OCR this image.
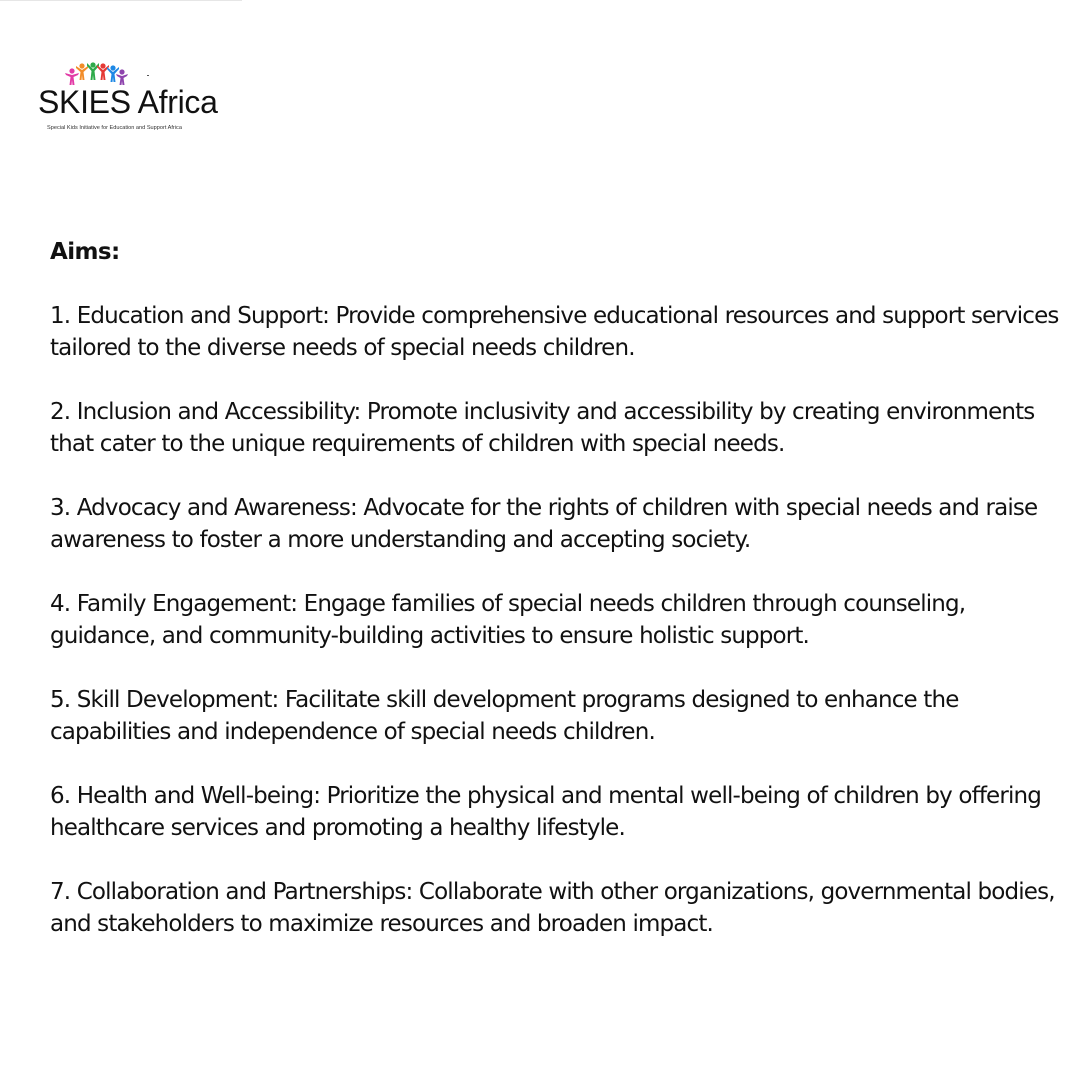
SKIES Africa
Special Kids Initiative for Education and Support Africa
Aims:
1. Education and Support: Provide comprehensive educational resources and support services tailored to the diverse needs of special needs children.
2. Inclusion and Accessibility: Promote inclusivity and accessibility by creating environments that cater to the unique requirements of children with special needs.
3. Advocacy and Awareness: Advocate for the rights of children with special needs and raise awareness to foster a more understanding and accepting society.
4. Family Engagement: Engage families of special needs children through counseling, guidance, and community-building activities to ensure holistic support.
5. Skill Development: Facilitate skill development programs designed to enhance the capabilities and independence of special needs children.
6. Health and Well-being: Prioritize the physical and mental well-being of children by offering healthcare services and promoting a healthy lifestyle.
7. Collaboration and Partnerships: Collaborate with other organizations, governmental bodies, and stakeholders to maximize resources and broaden impact.
